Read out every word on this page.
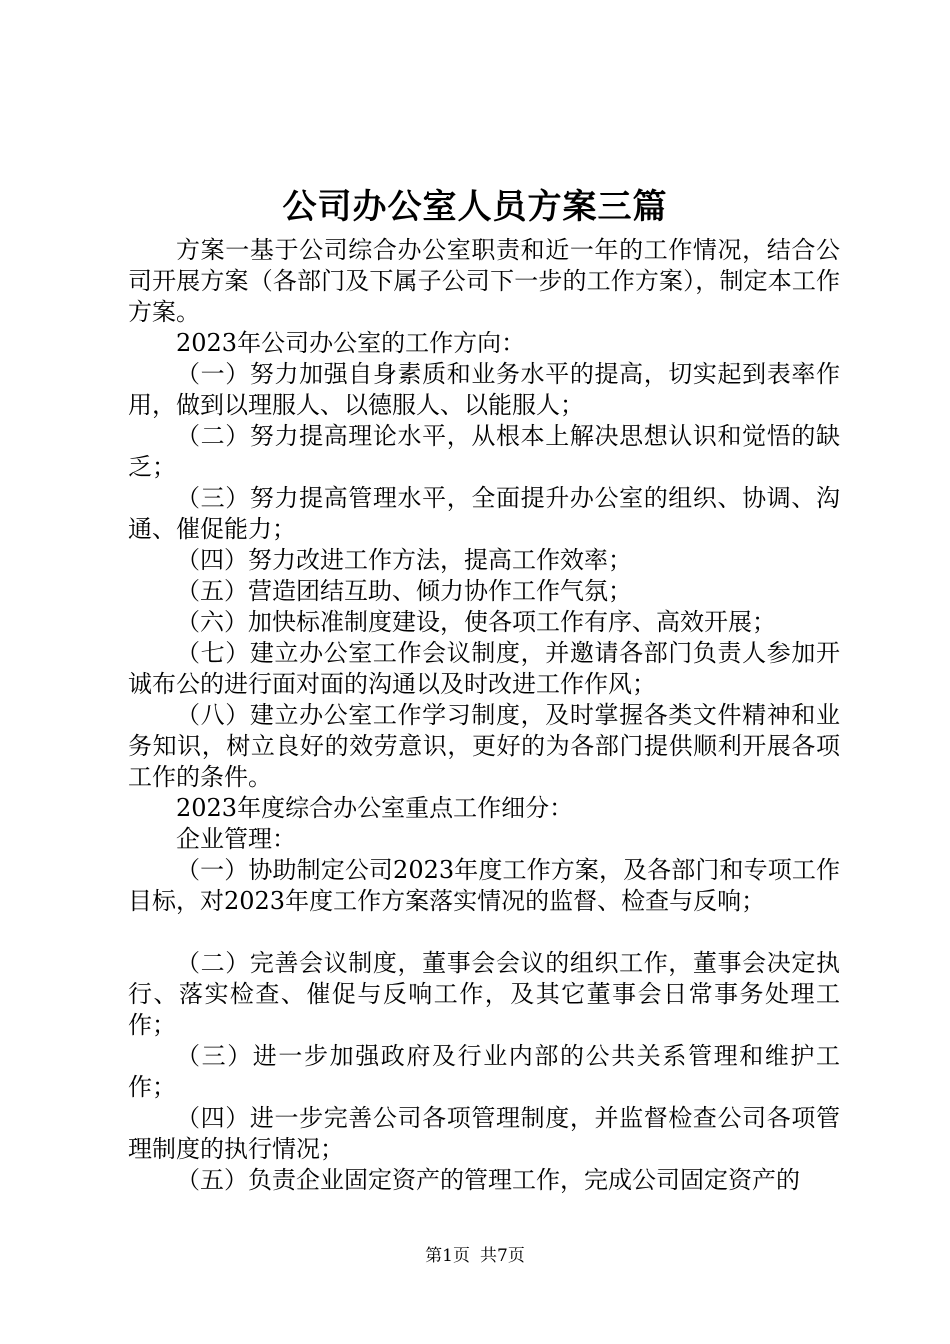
公司办公室人员方案三篇

方案一基于公司综合办公室职责和近一年的工作情况，结合公司开展方案（各部门及下属子公司下一步的工作方案），制定本工作方案。

2023年公司办公室的工作方向：

（一）努力加强自身素质和业务水平的提高，切实起到表率作用，做到以理服人、以德服人、以能服人；

（二）努力提高理论水平，从根本上解决思想认识和觉悟的缺乏；

（三）努力提高管理水平，全面提升办公室的组织、协调、沟通、催促能力；

（四）努力改进工作方法，提高工作效率；

（五）营造团结互助、倾力协作工作气氛；

（六）加快标准制度建设，使各项工作有序、高效开展；

（七）建立办公室工作会议制度，并邀请各部门负责人参加开诚布公的进行面对面的沟通以及时改进工作作风；

（八）建立办公室工作学习制度，及时掌握各类文件精神和业务知识，树立良好的效劳意识，更好的为各部门提供顺利开展各项工作的条件。

2023年度综合办公室重点工作细分：

企业管理：

（一）协助制定公司2023年度工作方案，及各部门和专项工作目标，对2023年度工作方案落实情况的监督、检查与反响；

（二）完善会议制度，董事会会议的组织工作，董事会决定执行、落实检查、催促与反响工作，及其它董事会日常事务处理工作；

（三）进一步加强政府及行业内部的公共关系管理和维护工作；

（四）进一步完善公司各项管理制度，并监督检查公司各项管理制度的执行情况；

（五）负责企业固定资产的管理工作，完成公司固定资产的

第1页 共7页
